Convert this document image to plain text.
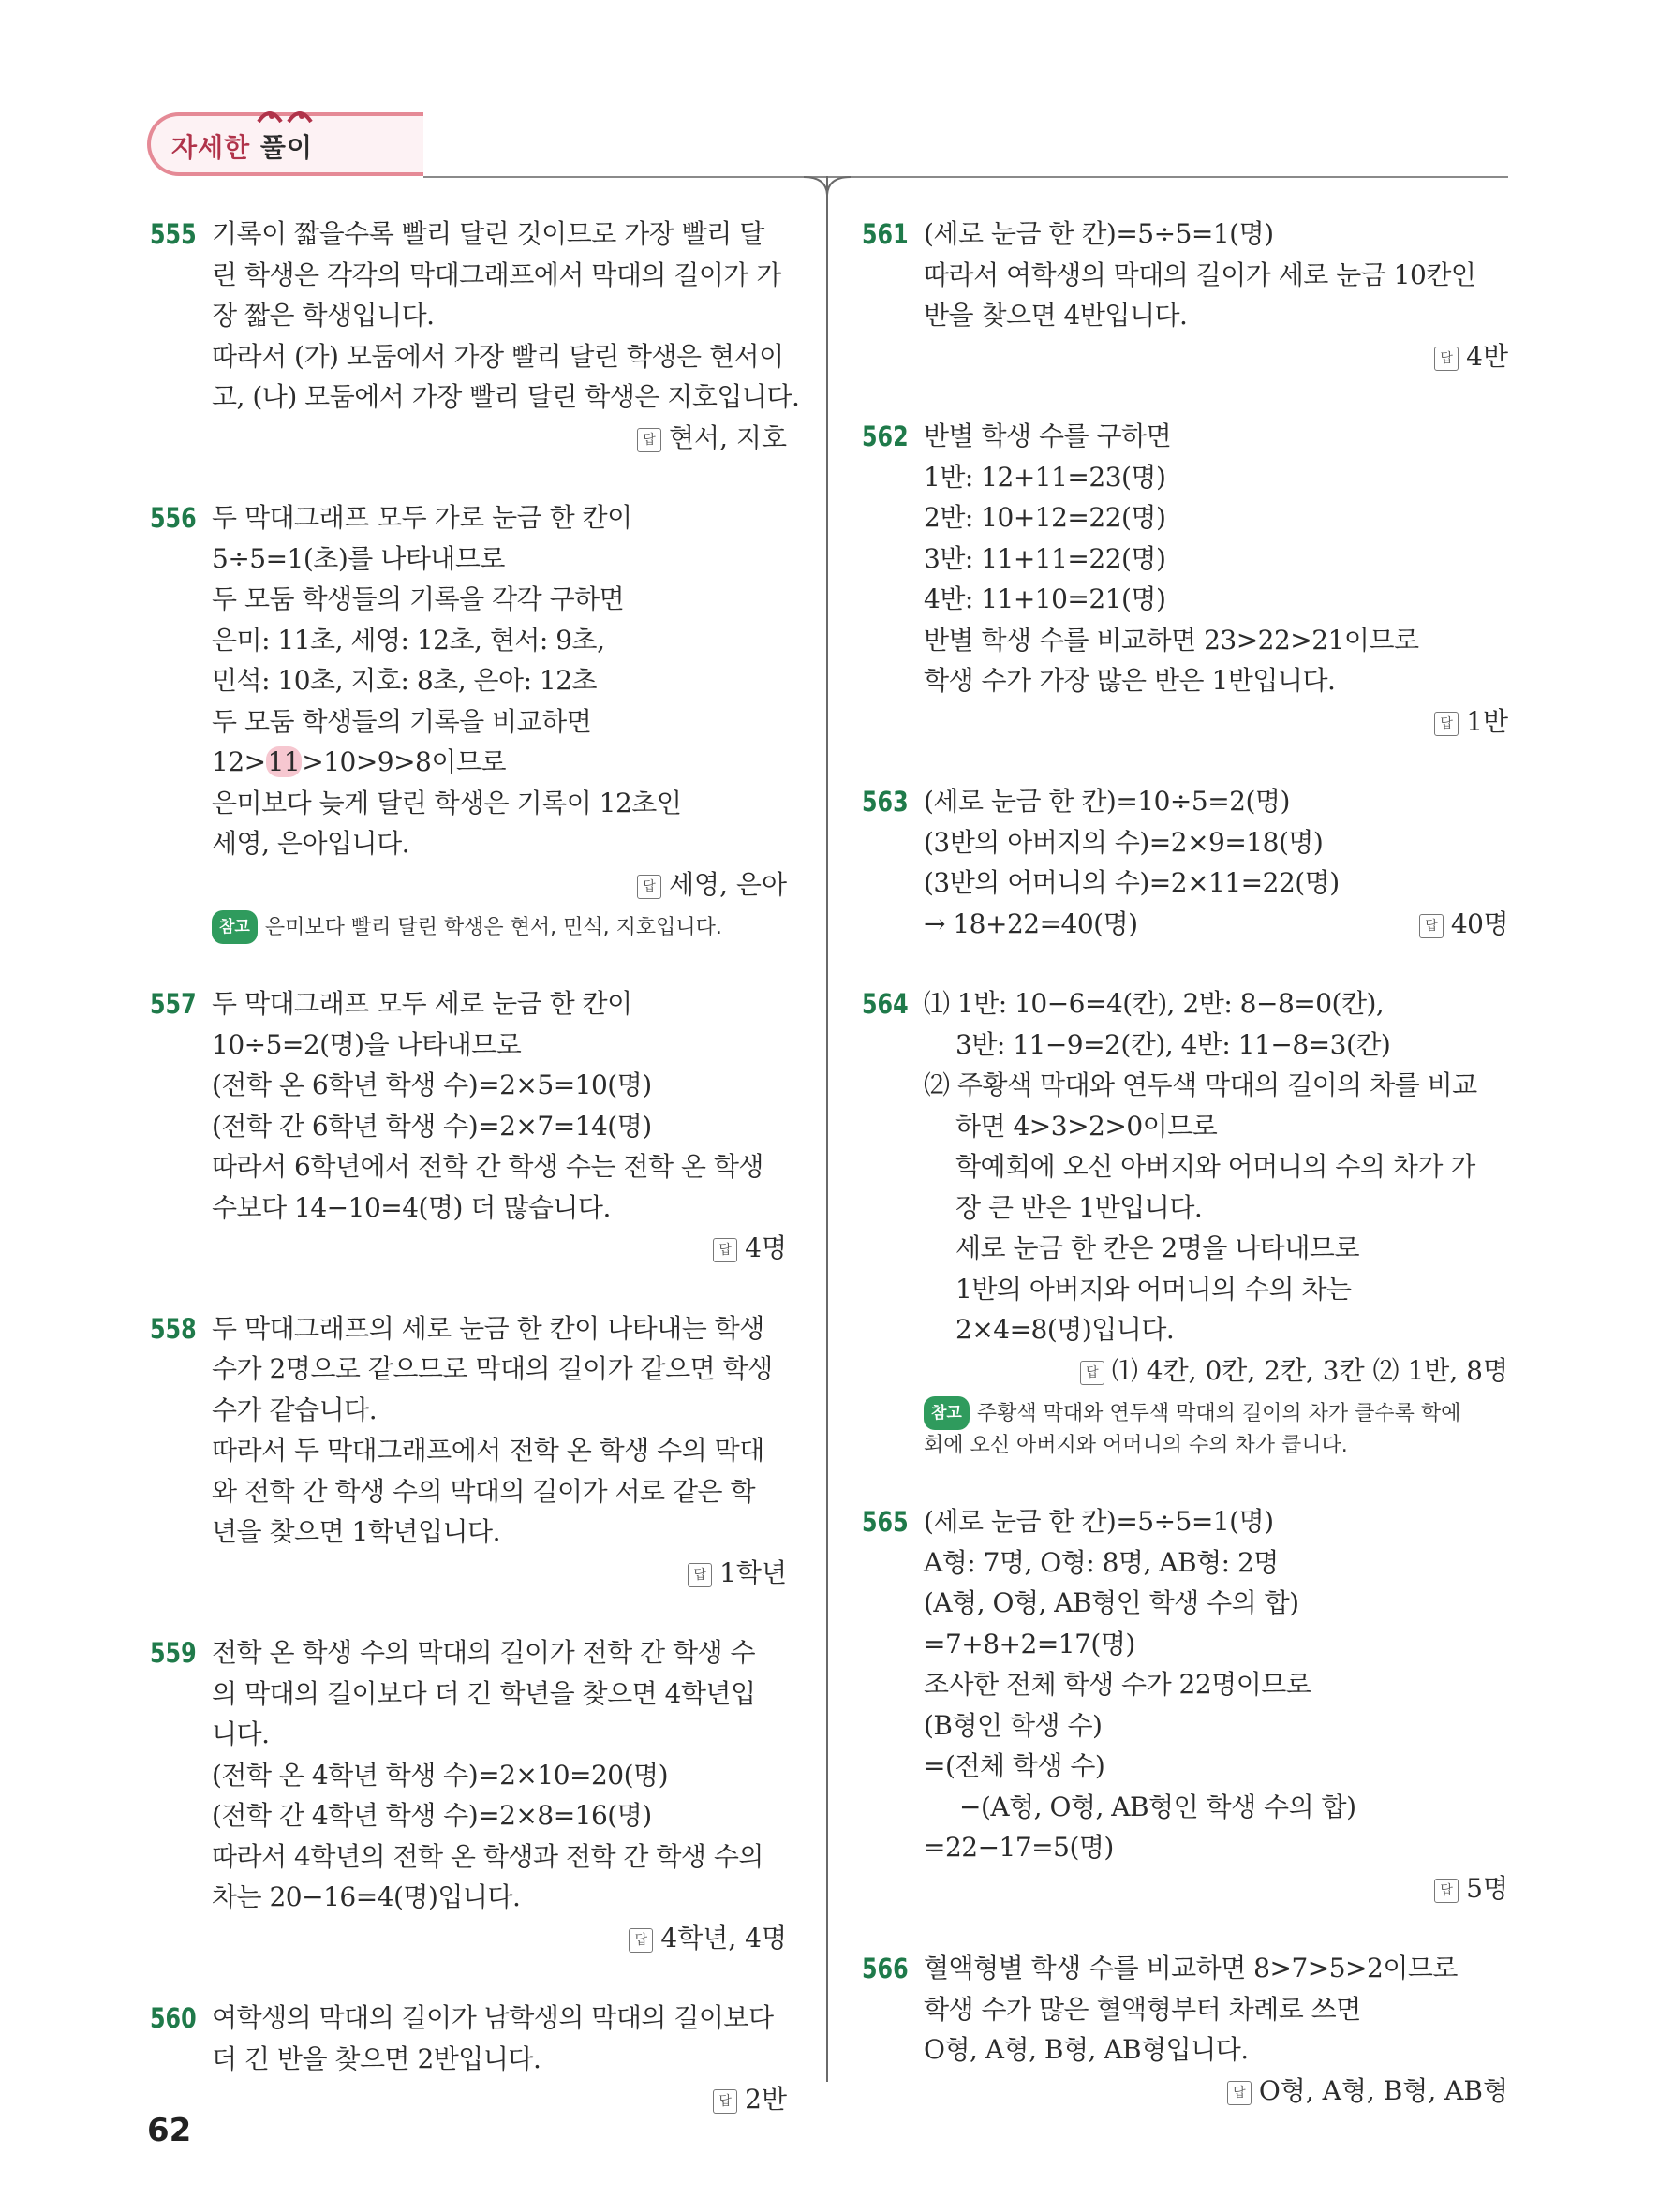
자세한 풀이
555 기록이 짧을수록 빨리 달린 것이므로 가장 빨리 달
린 학생은 각각의 막대그래프에서 막대의 길이가 가
장 짧은 학생입니다.
따라서 (가) 모둠에서 가장 빨리 달린 학생은 현서이
고, (나) 모둠에서 가장 빨리 달린 학생은 지호입니다.
답 현서, 지호
556 두 막대그래프 모두 가로 눈금 한 칸이
5÷5=1(초)를 나타내므로
두 모둠 학생들의 기록을 각각 구하면
은미: 11초, 세영: 12초, 현서: 9초,
민석: 10초, 지호: 8초, 은아: 12초
두 모둠 학생들의 기록을 비교하면
12>11>10>9>8이므로
은미보다 늦게 달린 학생은 기록이 12초인
세영, 은아입니다.
답 세영, 은아
참고 은미보다 빨리 달린 학생은 현서, 민석, 지호입니다.
557 두 막대그래프 모두 세로 눈금 한 칸이
10÷5=2(명)을 나타내므로
(전학 온 6학년 학생 수)=2×5=10(명)
(전학 간 6학년 학생 수)=2×7=14(명)
따라서 6학년에서 전학 간 학생 수는 전학 온 학생
수보다 14−10=4(명) 더 많습니다.
답 4명
558 두 막대그래프의 세로 눈금 한 칸이 나타내는 학생
수가 2명으로 같으므로 막대의 길이가 같으면 학생
수가 같습니다.
따라서 두 막대그래프에서 전학 온 학생 수의 막대
와 전학 간 학생 수의 막대의 길이가 서로 같은 학
년을 찾으면 1학년입니다.
답 1학년
559 전학 온 학생 수의 막대의 길이가 전학 간 학생 수
의 막대의 길이보다 더 긴 학년을 찾으면 4학년입
니다.
(전학 온 4학년 학생 수)=2×10=20(명)
(전학 간 4학년 학생 수)=2×8=16(명)
따라서 4학년의 전학 온 학생과 전학 간 학생 수의
차는 20−16=4(명)입니다.
답 4학년, 4명
560 여학생의 막대의 길이가 남학생의 막대의 길이보다
더 긴 반을 찾으면 2반입니다.
답 2반
561 (세로 눈금 한 칸)=5÷5=1(명)
따라서 여학생의 막대의 길이가 세로 눈금 10칸인
반을 찾으면 4반입니다.
답 4반
562 반별 학생 수를 구하면
1반: 12+11=23(명)
2반: 10+12=22(명)
3반: 11+11=22(명)
4반: 11+10=21(명)
반별 학생 수를 비교하면 23>22>21이므로
학생 수가 가장 많은 반은 1반입니다.
답 1반
563 (세로 눈금 한 칸)=10÷5=2(명)
(3반의 아버지의 수)=2×9=18(명)
(3반의 어머니의 수)=2×11=22(명)
→ 18+22=40(명)	답 40명
564 ⑴ 1반: 10−6=4(칸), 2반: 8−8=0(칸),
3반: 11−9=2(칸), 4반: 11−8=3(칸)
⑵ 주황색 막대와 연두색 막대의 길이의 차를 비교
하면 4>3>2>0이므로
학예회에 오신 아버지와 어머니의 수의 차가 가
장 큰 반은 1반입니다.
세로 눈금 한 칸은 2명을 나타내므로
1반의 아버지와 어머니의 수의 차는
2×4=8(명)입니다.
답 ⑴ 4칸, 0칸, 2칸, 3칸 ⑵ 1반, 8명
참고 주황색 막대와 연두색 막대의 길이의 차가 클수록 학예
회에 오신 아버지와 어머니의 수의 차가 큽니다.
565 (세로 눈금 한 칸)=5÷5=1(명)
A형: 7명, O형: 8명, AB형: 2명
(A형, O형, AB형인 학생 수의 합)
=7+8+2=17(명)
조사한 전체 학생 수가 22명이므로
(B형인 학생 수)
=(전체 학생 수)
−(A형, O형, AB형인 학생 수의 합)
=22−17=5(명)
답 5명
566 혈액형별 학생 수를 비교하면 8>7>5>2이므로
학생 수가 많은 혈액형부터 차례로 쓰면
O형, A형, B형, AB형입니다.
답 O형, A형, B형, AB형
62
